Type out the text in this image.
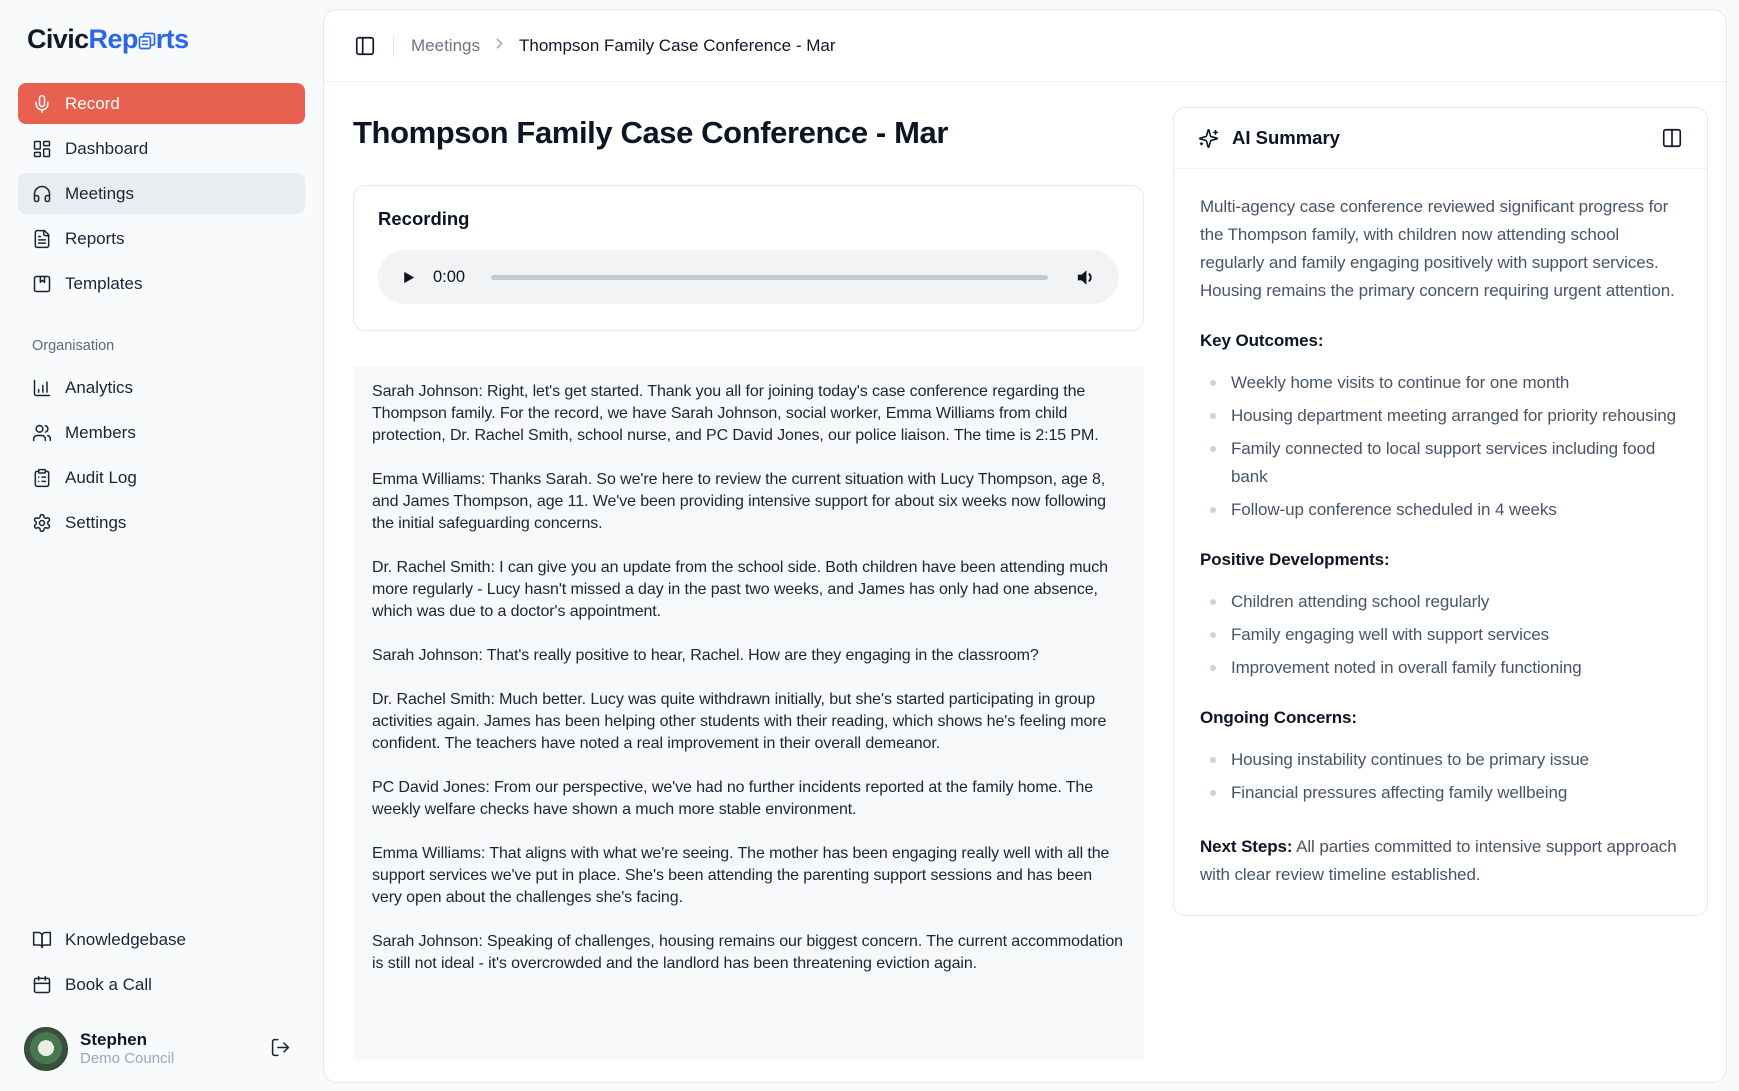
Civic Rep rts
Record
Dashboard
Meetings
Reports
Templates
Organisation
Analytics
Members
Audit Log
Settings
Knowledgebase
Book a Call
Stephen
Demo Council
Meetings Thompson Family Case Conference - Mar
Thompson Family Case Conference - Mar
Recording
0:00

Sarah Johnson: Right, let's get started. Thank you all for joining today's case conference regarding the Thompson family. For the record, we have Sarah Johnson, social worker, Emma Williams from child protection, Dr. Rachel Smith, school nurse, and PC David Jones, our police liaison. The time is 2:15 PM.

Emma Williams: Thanks Sarah. So we're here to review the current situation with Lucy Thompson, age 8, and James Thompson, age 11. We've been providing intensive support for about six weeks now following the initial safeguarding concerns.

Dr. Rachel Smith: I can give you an update from the school side. Both children have been attending much more regularly - Lucy hasn't missed a day in the past two weeks, and James has only had one absence, which was due to a doctor's appointment.

Sarah Johnson: That's really positive to hear, Rachel. How are they engaging in the classroom?

Dr. Rachel Smith: Much better. Lucy was quite withdrawn initially, but she's started participating in group activities again. James has been helping other students with their reading, which shows he's feeling more confident. The teachers have noted a real improvement in their overall demeanor.

PC David Jones: From our perspective, we've had no further incidents reported at the family home. The weekly welfare checks have shown a much more stable environment.

Emma Williams: That aligns with what we're seeing. The mother has been engaging really well with all the support services we've put in place. She's been attending the parenting support sessions and has been very open about the challenges she's facing.

Sarah Johnson: Speaking of challenges, housing remains our biggest concern. The current accommodation is still not ideal - it's overcrowded and the landlord has been threatening eviction again.

AI Summary

Multi-agency case conference reviewed significant progress for the Thompson family, with children now attending school regularly and family engaging positively with support services. Housing remains the primary concern requiring urgent attention.

Key Outcomes:
Weekly home visits to continue for one month
Housing department meeting arranged for priority rehousing
Family connected to local support services including food bank
Follow-up conference scheduled in 4 weeks
Positive Developments:
Children attending school regularly
Family engaging well with support services
Improvement noted in overall family functioning
Ongoing Concerns:
Housing instability continues to be primary issue
Financial pressures affecting family wellbeing

Next Steps: All parties committed to intensive support approach with clear review timeline established.
